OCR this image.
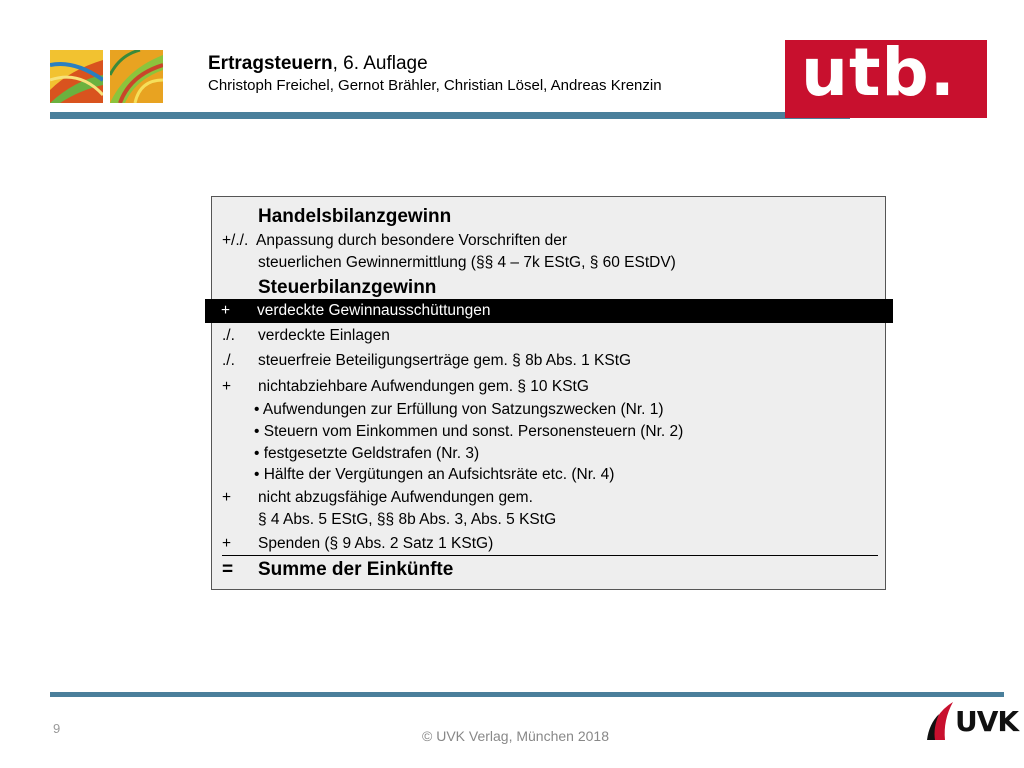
Ertragsteuern, 6. Auflage
Christoph Freichel, Gernot Brähler, Christian Lösel, Andreas Krenzin utb.
Handelsbilanzgewinn
+/./. Anpassung durch besondere Vorschriften der
steuerlichen Gewinnermittlung (§§ 4 – 7k EStG, § 60 EStDV)
Steuerbilanzgewinn
./. verdeckte Einlagen
./. steuerfreie Beteiligungserträge gem. § 8b Abs. 1 KStG
+ nichtabziehbare Aufwendungen gem. § 10 KStG
• Aufwendungen zur Erfüllung von Satzungszwecken (Nr. 1)
• Steuern vom Einkommen und sonst. Personensteuern (Nr. 2)
• festgesetzte Geldstrafen (Nr. 3)
• Hälfte der Vergütungen an Aufsichtsräte etc. (Nr. 4)
+ nicht abzugsfähige Aufwendungen gem.
§ 4 Abs. 5 EStG, §§ 8b Abs. 3, Abs. 5 KStG
+ Spenden (§ 9 Abs. 2 Satz 1 KStG)
= Summe der Einkünfte
+ verdeckte Gewinnausschüttungen
9	© UVK Verlag, München 2018	UVK
